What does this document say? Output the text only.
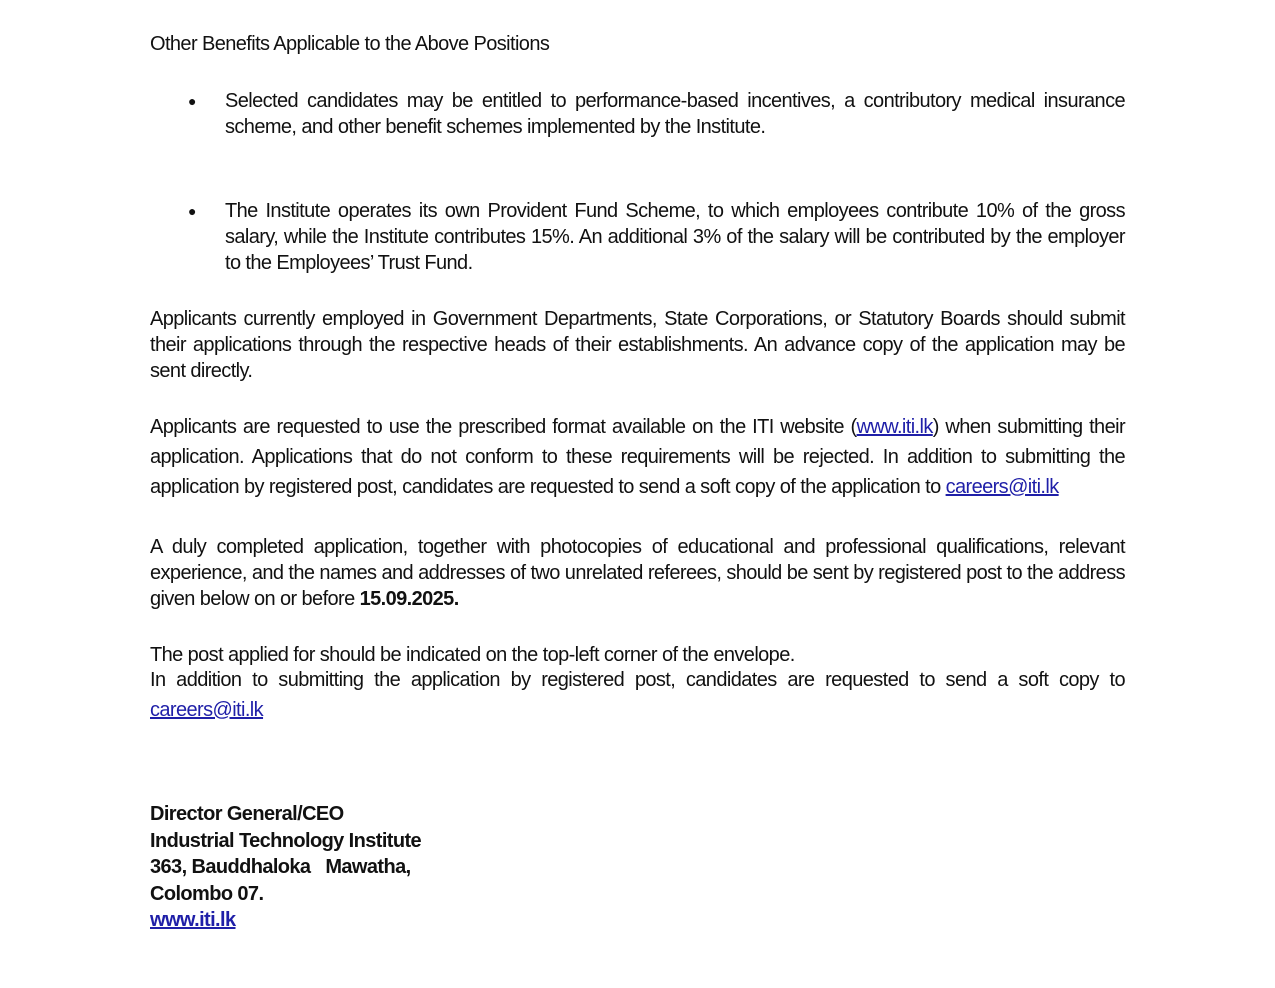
Other Benefits Applicable to the Above Positions

● Selected candidates may be entitled to performance-based incentives, a contributory medical insurance scheme, and other benefit schemes implemented by the Institute.
● The Institute operates its own Provident Fund Scheme, to which employees contribute 10% of the gross salary, while the Institute contributes 15%. An additional 3% of the salary will be contributed by the employer to the Employees’ Trust Fund.

Applicants currently employed in Government Departments, State Corporations, or Statutory Boards should submit their applications through the respective heads of their establishments. An advance copy of the application may be sent directly.

Applicants are requested to use the prescribed format available on the ITI website (www.iti.lk) when submitting their application. Applications that do not conform to these requirements will be rejected. In addition to submitting the application by registered post, candidates are requested to send a soft copy of the application to careers@iti.lk

A duly completed application, together with photocopies of educational and professional qualifications, relevant experience, and the names and addresses of two unrelated referees, should be sent by registered post to the address given below on or before 15.09.2025.

The post applied for should be indicated on the top-left corner of the envelope.

In addition to submitting the application by registered post, candidates are requested to send a soft copy to careers@iti.lk

Director General/CEO
Industrial Technology Institute
363, Bauddhaloka   Mawatha,
Colombo 07.
www.iti.lk
